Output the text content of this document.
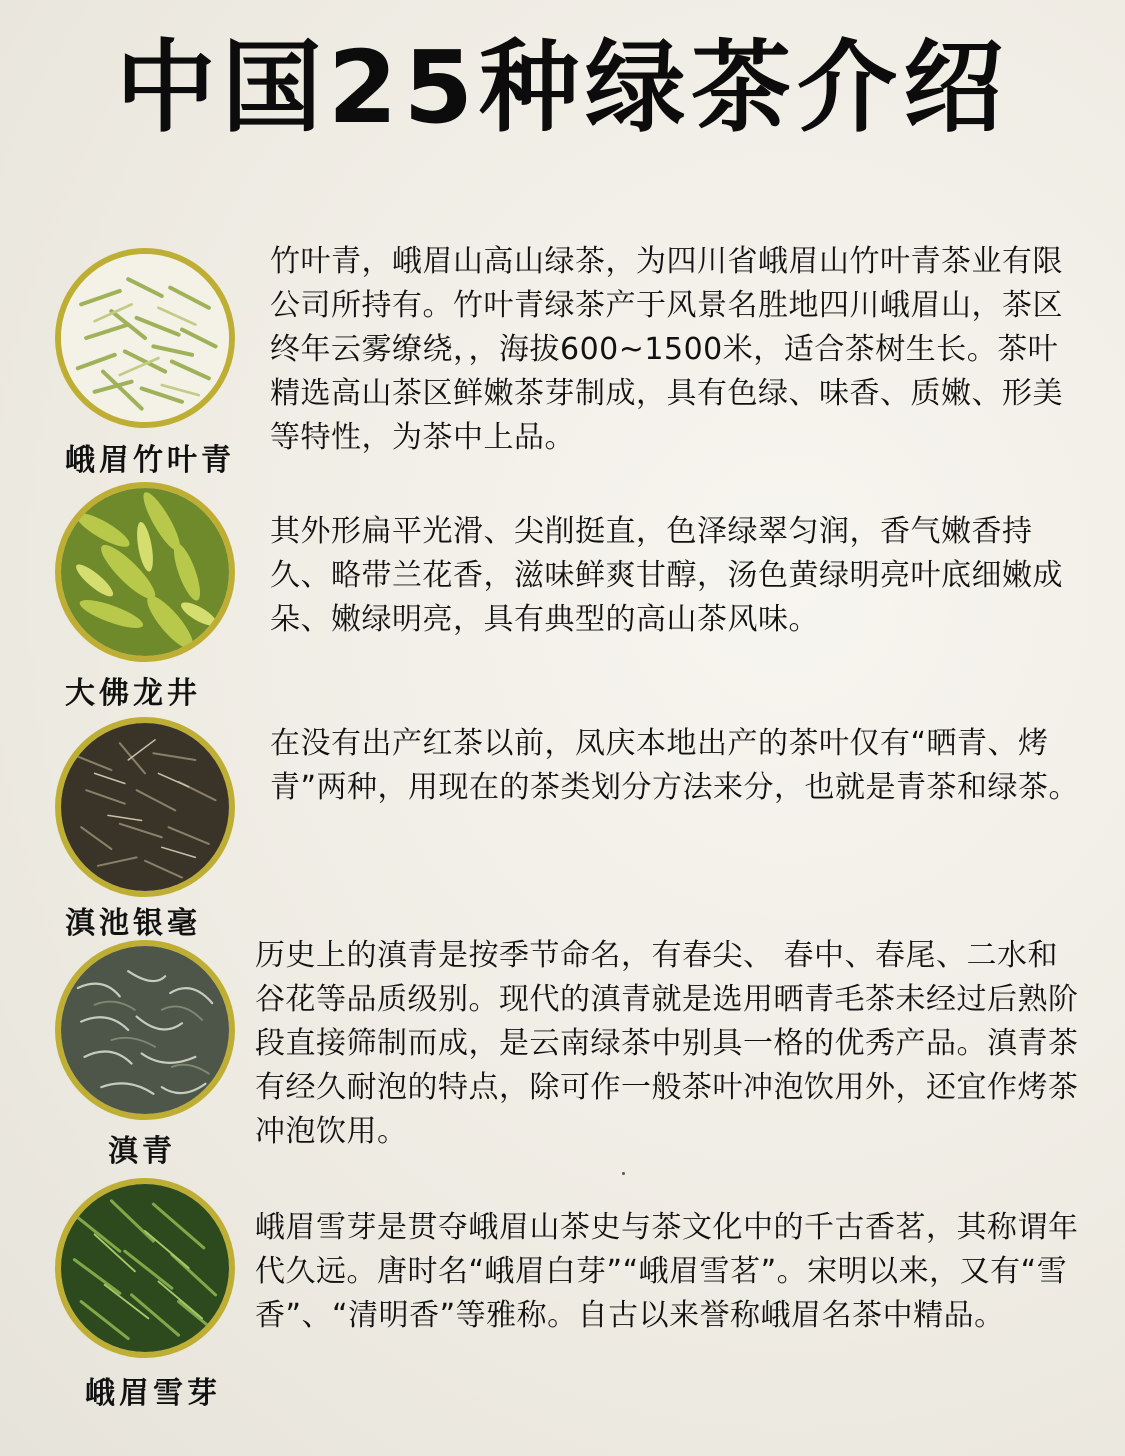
中国25种绿茶介绍
峨眉竹叶青
竹叶青，峨眉山高山绿茶，为四川省峨眉山竹叶青茶业有限公司所持有。竹叶青绿茶产于风景名胜地四川峨眉山，茶区终年云雾缭绕，，海拔600~1500米，适合茶树生长。茶叶精选高山茶区鲜嫩茶芽制成，具有色绿、味香、质嫩、形美等特性，为茶中上品。
大佛龙井
其外形扁平光滑、尖削挺直，色泽绿翠匀润，香气嫩香持久、略带兰花香，滋味鲜爽甘醇，汤色黄绿明亮叶底细嫩成朵、嫩绿明亮，具有典型的高山茶风味。
滇池银毫
在没有出产红茶以前，凤庆本地出产的茶叶仅有“晒青、烤青”两种，用现在的茶类划分方法来分，也就是青茶和绿茶。
滇青
历史上的滇青是按季节命名，有春尖、 春中、春尾、二水和谷花等品质级别。现代的滇青就是选用晒青毛茶未经过后熟阶段直接筛制而成，是云南绿茶中别具一格的优秀产品。滇青茶有经久耐泡的特点，除可作一般茶叶冲泡饮用外，还宜作烤茶冲泡饮用。
峨眉雪芽
峨眉雪芽是贯夺峨眉山茶史与茶文化中的千古香茗，其称谓年代久远。唐时名“峨眉白芽”“峨眉雪茗”。宋明以来，又有“雪香”、“清明香”等雅称。自古以来誉称峨眉名茶中精品。
